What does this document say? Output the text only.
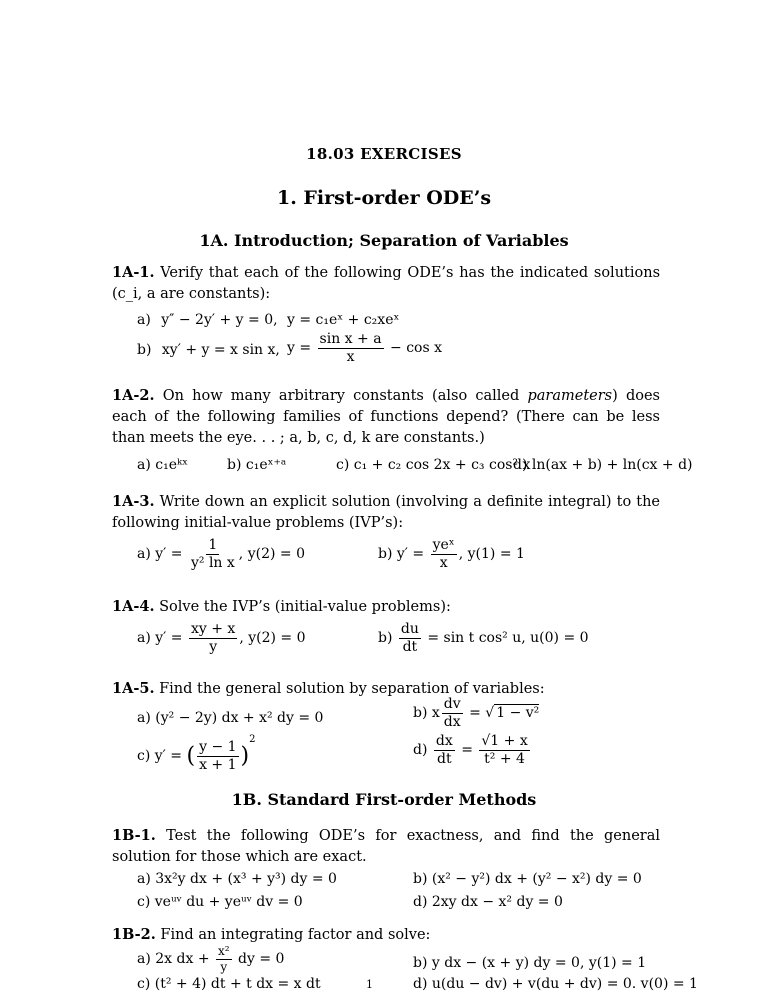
18.03 EXERCISES
1. First-order ODE’s
1A. Introduction; Separation of Variables
1A-1. Verify that each of the following ODE’s has the indicated solutions (c_i, a are constants):
a) y″ − 2y′ + y = 0, y = c₁eˣ + c₂xeˣ
b) xy′ + y = x sin x, $y = \frac{\text{sin x + a}}{x} - \cos x$
1A-2. On how many arbitrary constants (also called parameters) does each of the following families of functions depend? (There can be less than meets the eye. . . ; a, b, c, d, k are constants.)
a) c₁eᵏˣ	b) c₁eˣ⁺ᵃ	c) c₁ + c₂ cos 2x + c₃ cos² x
d) ln(ax + b) + ln(cx + d)
1A-3. Write down an explicit solution (involving a definite integral) to the following initial-value problems (IVP’s):
a) $y' = \frac{1}{\text{y² ln x}}$ , y(2) = 0	b) $y' = \frac{\text{yeˣ}}{x}$ , y(1) = 1
1A-4. Solve the IVP’s (initial-value problems):
a) $y' = \frac{xy + x}{y}$ , y(2) = 0	$b) \frac{du}{dt} = \sin t$ cos² u, u(0) = 0
1A-5. Find the general solution by separation of variables:
a) (y² − 2y) dx + x² dy = 0	b) x $\frac{dv}{dx}$ = √ 1 − v²
c) y′ = ( $\frac{y - 1}{x + 1} )^2$
$d) \frac{dx}{dt} = \frac{√1 + x}{\text{t² + 4}}$
1B. Standard First-order Methods
1B-1. Test the following ODE’s for exactness, and find the general solution for those which are exact.
a) 3x²y dx + (x³ + y³) dy = 0	b) (x² − y²) dx + (y² − x²) dy = 0
c) veᵘᵛ du + yeᵘᵛ dv = 0	d) 2xy dx − x² dy = 0
1B-2. Find an integrating factor and solve:
a) 2x dx + $\frac{\text{x²}}{y}$ dy = 0	b) y dx − (x + y) dy = 0, y(1) = 1
c) (t² + 4) dt + t dx = x dt	d) u(du − dv) + v(du + dv) = 0. v(0) = 1
1
